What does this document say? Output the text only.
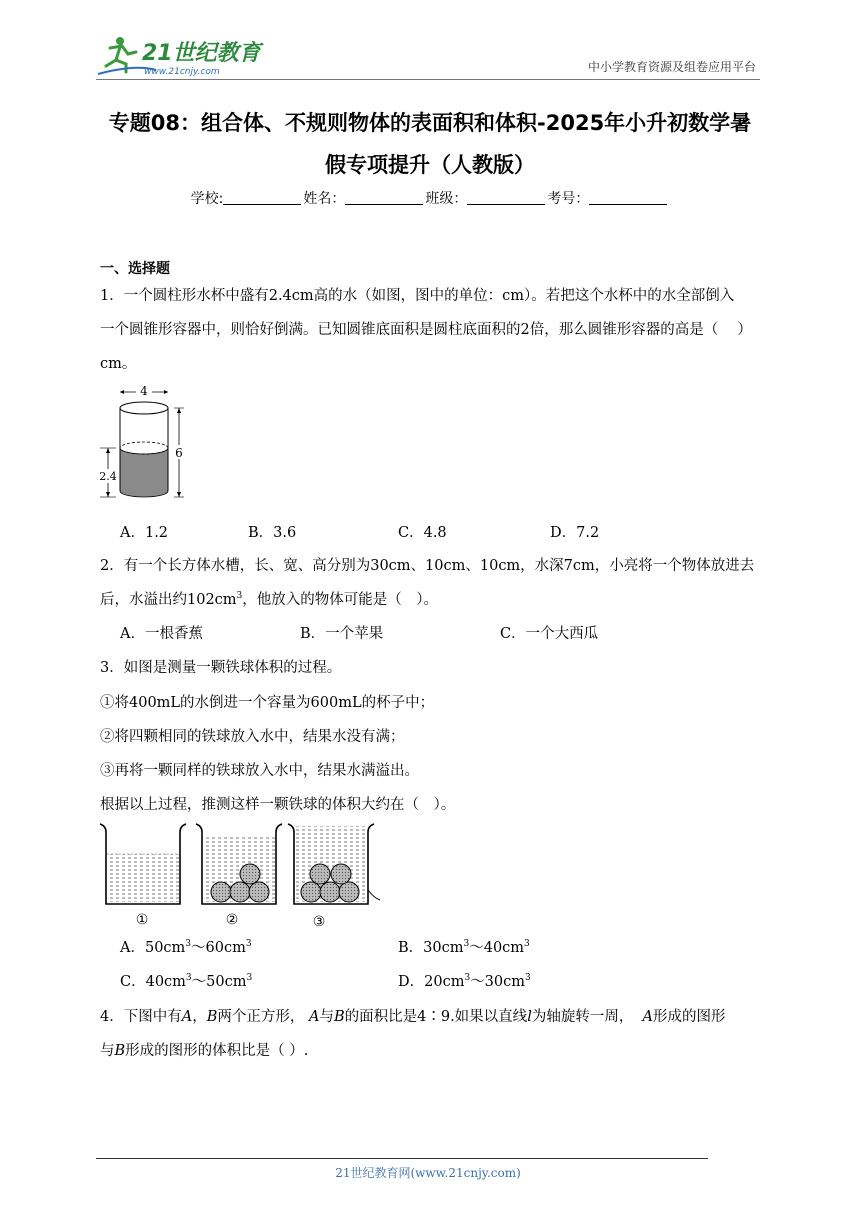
21世纪教育
www.21cnjy.com	中小学教育资源及组卷应用平台
专题08：组合体、不规则物体的表面积和体积-2025年小升初数学暑
假专项提升（人教版）
学校:	姓名：	班级：	考号：
一、选择题
1．一个圆柱形水杯中盛有2.4cm高的水（如图，图中的单位：cm）。若把这个水杯中的水全部倒入
一个圆锥形容器中，则恰好倒满。已知圆锥底面积是圆柱底面积的2倍，那么圆锥形容器的高是（　 ）
cm。
4
6
2.4
A．1.2	B．3.6	C．4.8	D．7.2
2．有一个长方体水槽，长、宽、高分别为30cm、10cm、10cm，水深7cm，小亮将一个物体放进去
后，水溢出约$102cm^3$，他放入的物体可能是（　）。
A．一根香蕉	B．一个苹果	C．一个大西瓜
3．如图是测量一颗铁球体积的过程。
①将400mL的水倒进一个容量为600mL的杯子中；
②将四颗相同的铁球放入水中，结果水没有满；
③再将一颗同样的铁球放入水中，结果水满溢出。
根据以上过程，推测这样一颗铁球的体积大约在（　）。
①	②	③
A．$50cm^3\sim 60cm^3$	B．$30cm^3\sim 40cm^3$
C．$40cm^3\sim 50cm^3$	D．$20cm^3\sim 30cm^3$
4．下图中有A，B两个正方形， A与B的面积比是4∶9.如果以直线l为轴旋转一周， A形成的图形
与B形成的图形的体积比是（ ）.
21世纪教育网(www.21cnjy.com)
